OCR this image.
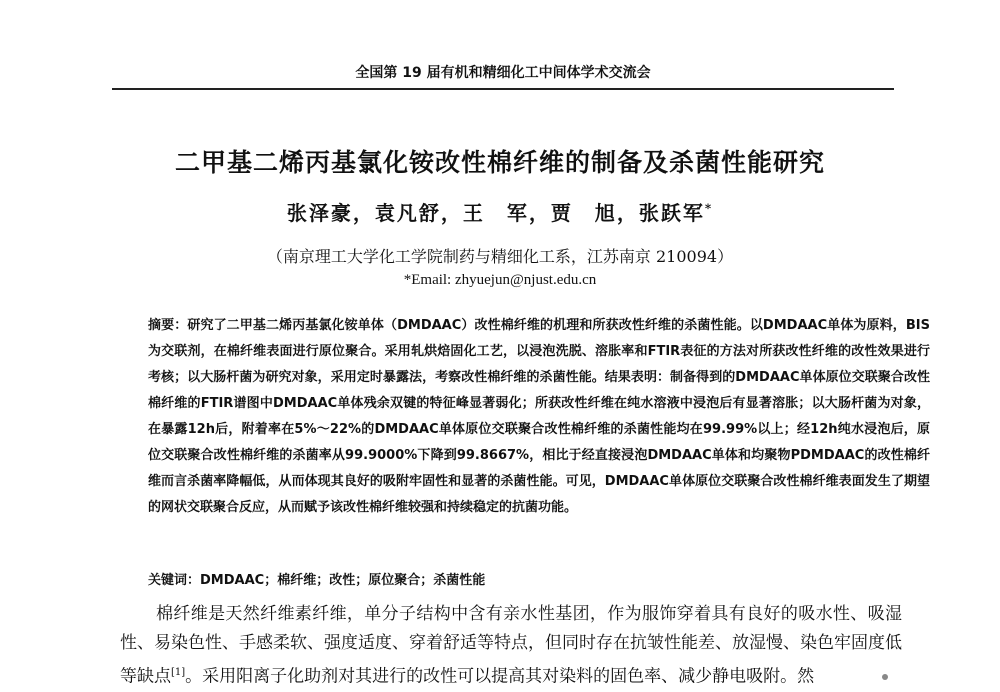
全国第 19 届有机和精细化工中间体学术交流会
二甲基二烯丙基氯化铵改性棉纤维的制备及杀菌性能研究
张泽豪，袁凡舒，王　军，贾　旭，张跃军*
（南京理工大学化工学院制药与精细化工系，江苏南京 210094）
*Email: zhyuejun@njust.edu.cn
摘要：研究了二甲基二烯丙基氯化铵单体（DMDAAC）改性棉纤维的机理和所获改性纤维的杀菌性能。以DMDAAC单体为原料，BIS为交联剂，在棉纤维表面进行原位聚合。采用轧烘焙固化工艺，以浸泡洗脱、溶胀率和FTIR表征的方法对所获改性纤维的改性效果进行考核；以大肠杆菌为研究对象，采用定时暴露法，考察改性棉纤维的杀菌性能。结果表明：制备得到的DMDAAC单体原位交联聚合改性棉纤维的FTIR谱图中DMDAAC单体残余双键的特征峰显著弱化；所获改性纤维在纯水溶液中浸泡后有显著溶胀；以大肠杆菌为对象，在暴露12h后，附着率在5%～22%的DMDAAC单体原位交联聚合改性棉纤维的杀菌性能均在99.99%以上；经12h纯水浸泡后，原位交联聚合改性棉纤维的杀菌率从99.9000%下降到99.8667%，相比于经直接浸泡DMDAAC单体和均聚物PDMDAAC的改性棉纤维而言杀菌率降幅低，从而体现其良好的吸附牢固性和显著的杀菌性能。可见，DMDAAC单体原位交联聚合改性棉纤维表面发生了期望的网状交联聚合反应，从而赋予该改性棉纤维较强和持续稳定的抗菌功能。
关键词：DMDAAC；棉纤维；改性；原位聚合；杀菌性能
棉纤维是天然纤维素纤维，单分子结构中含有亲水性基团，作为服饰穿着具有良好的吸水性、吸湿性、易染色性、手感柔软、强度适度、穿着舒适等特点，但同时存在抗皱性能差、放湿慢、染色牢固度低等缺点[1]。采用阳离子化助剂对其进行的改性可以提高其对染料的固色率、减少静电吸附。然
